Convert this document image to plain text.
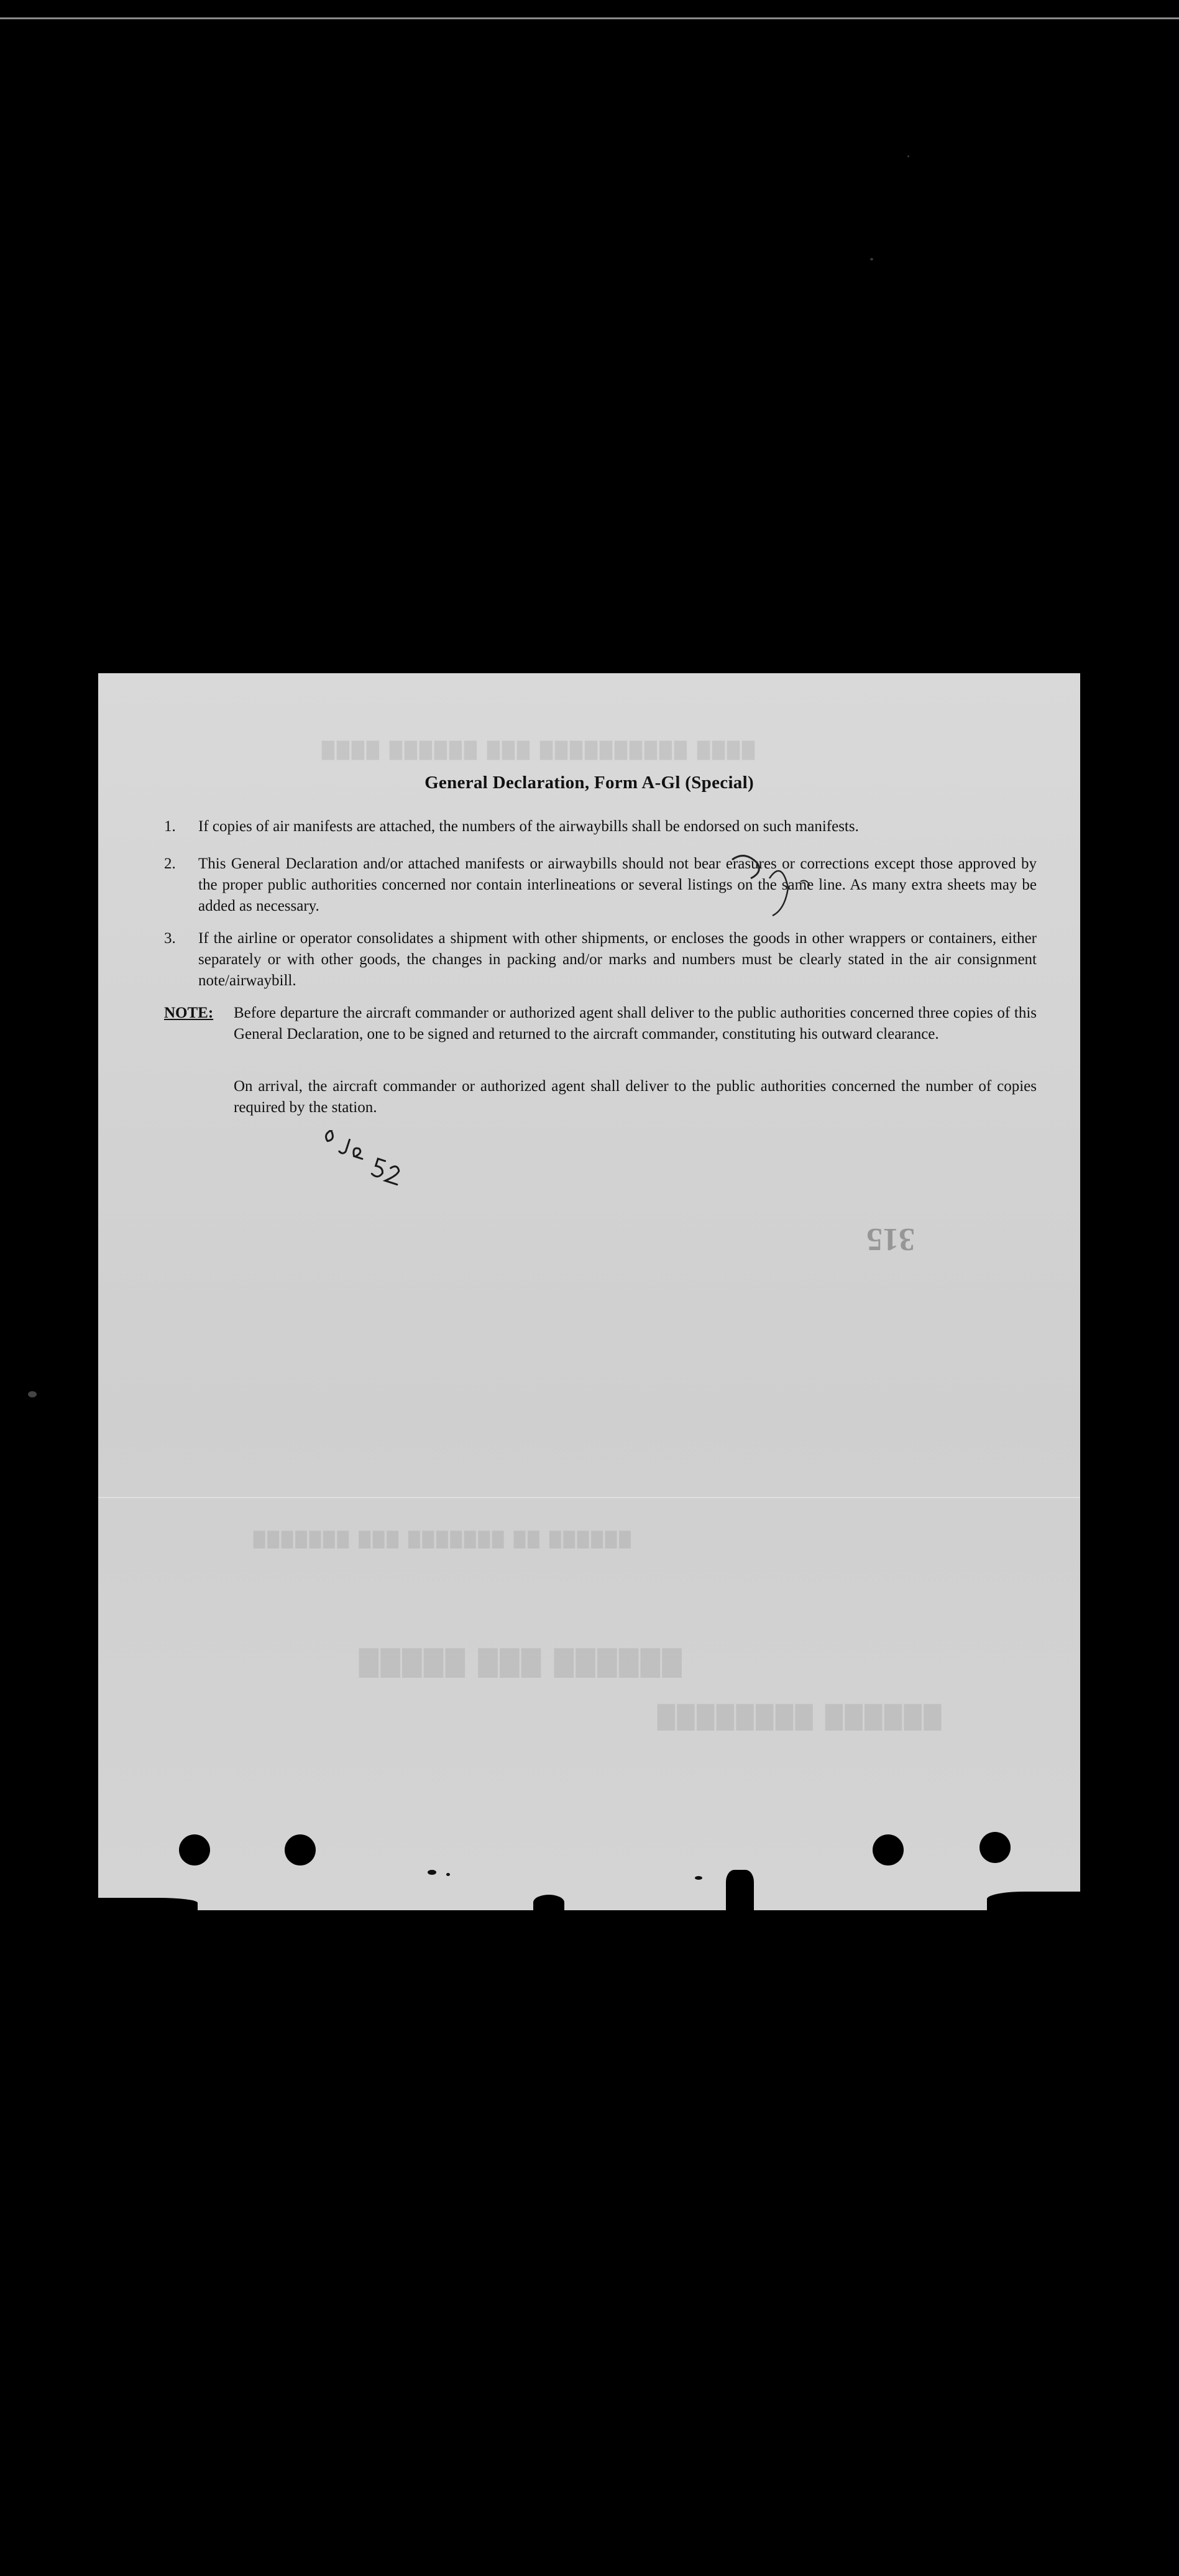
████ ██████ ███ ██████████ ████
███████ ███ ███████ ██ ██████
█████ ███ ██████
████████ ██████
General Declaration, Form A-Gl (Special)
1.	If copies of air manifests are attached, the numbers of the airwaybills shall be endorsed on such manifests.
2.	This General Declaration and/or attached manifests or airwaybills should not bear erasures or corrections except those approved by the proper public authorities concerned nor contain interlineations or several listings on the same line. As many extra sheets may be added as necessary.
3.	If the airline or operator consolidates a shipment with other shipments, or encloses the goods in other wrappers or containers, either separately or with other goods, the changes in packing and/or marks and numbers must be clearly stated in the air consignment note/airwaybill.
NOTE: Before departure the aircraft commander or authorized agent shall deliver to the public authorities concerned three copies of this General Declaration, one to be signed and returned to the aircraft commander, constituting his outward clearance.
On arrival, the aircraft commander or authorized agent shall deliver to the public authorities concerned the number of copies required by the station.
315
